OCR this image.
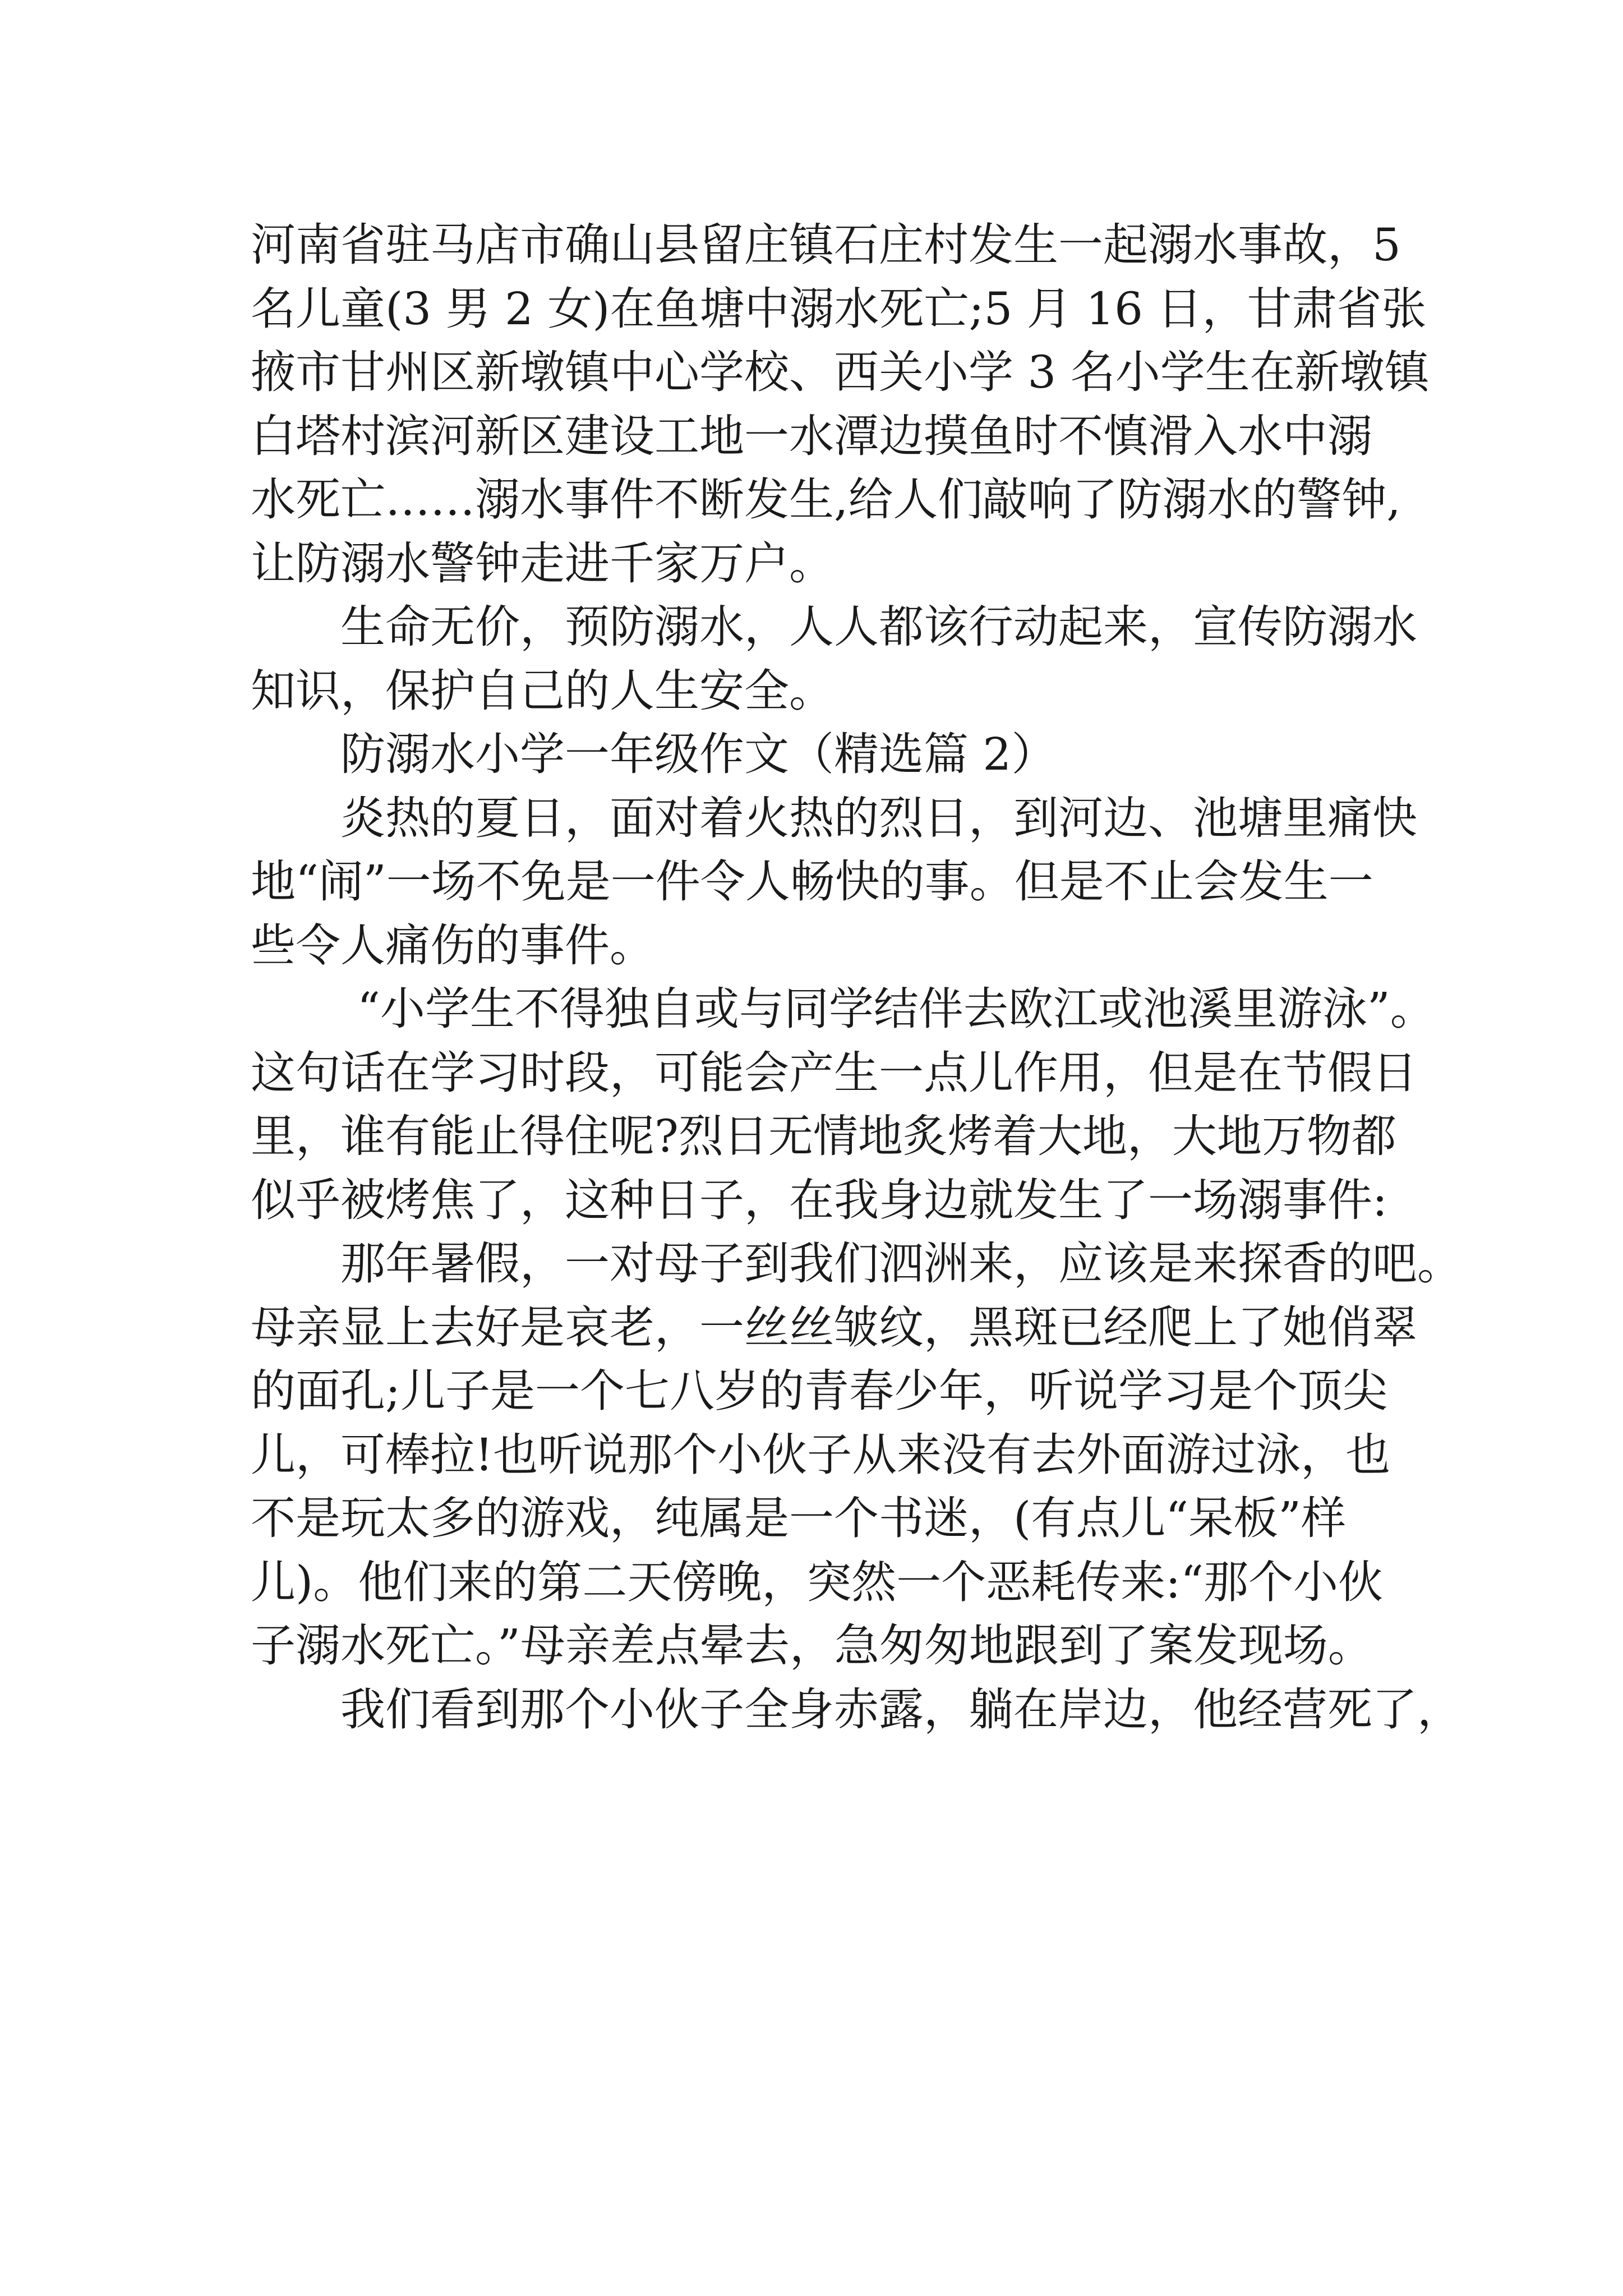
河南省驻马店市确山县留庄镇石庄村发生一起溺水事故，5
名儿童(3 男 2 女)在鱼塘中溺水死亡;5 月 16 日，甘肃省张
掖市甘州区新墩镇中心学校、西关小学 3 名小学生在新墩镇
白塔村滨河新区建设工地一水潭边摸鱼时不慎滑入水中溺
水死亡……溺水事件不断发生,给人们敲响了防溺水的警钟,
让防溺水警钟走进千家万户。
生命无价，预防溺水，人人都该行动起来，宣传防溺水
知识，保护自己的人生安全。
防溺水小学一年级作文（精选篇 2）
炎热的夏日，面对着火热的烈日，到河边、池塘里痛快
地“闹”一场不免是一件令人畅快的事。但是不止会发生一
些令人痛伤的事件。
“小学生不得独自或与同学结伴去欧江或池溪里游泳”。
这句话在学习时段，可能会产生一点儿作用，但是在节假日
里，谁有能止得住呢?烈日无情地炙烤着大地，大地万物都
似乎被烤焦了，这种日子，在我身边就发生了一场溺事件:
那年暑假，一对母子到我们泗洲来，应该是来探香的吧。
母亲显上去好是哀老，一丝丝皱纹，黑斑已经爬上了她俏翠
的面孔;儿子是一个七八岁的青春少年，听说学习是个顶尖
儿，可棒拉!也听说那个小伙子从来没有去外面游过泳，也
不是玩太多的游戏，纯属是一个书迷，(有点儿“呆板”样
儿)。他们来的第二天傍晚，突然一个恶耗传来:“那个小伙
子溺水死亡。”母亲差点晕去，急匆匆地跟到了案发现场。
我们看到那个小伙子全身赤露，躺在岸边，他经营死了，
